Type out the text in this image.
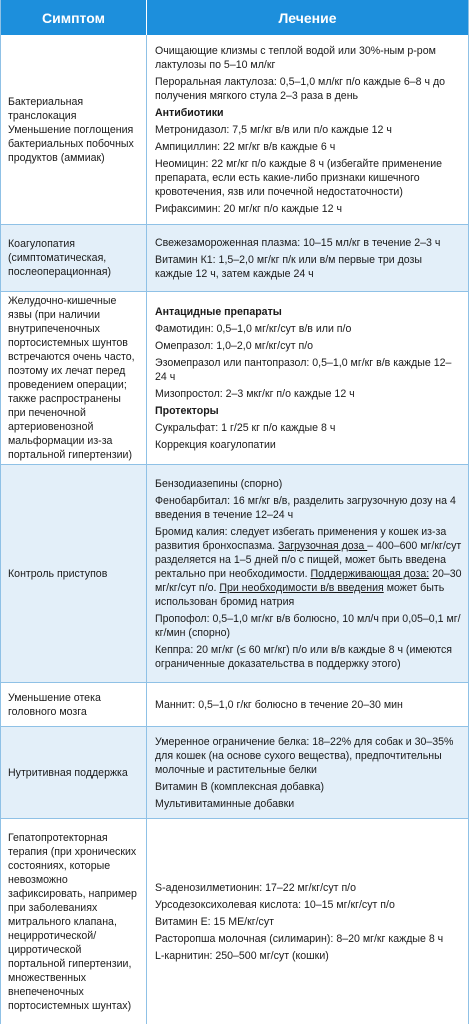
Симптом	Лечение
Бактериальная транслокация
Уменьшение поглощения бактериальных побочных продуктов (аммиак)
Очищающие клизмы с теплой водой или 30%-ным р-ром лактулозы по 5–10 мл/кг
Пероральная лактулоза: 0,5–1,0 мл/кг п/о каждые 6–8 ч до получения мягкого стула 2–3 раза в день
Антибиотики
Метронидазол: 7,5 мг/кг в/в или п/о каждые 12 ч
Ампициллин: 22 мг/кг в/в каждые 6 ч
Неомицин: 22 мг/кг п/о каждые 8 ч (избегайте применение препарата, если есть какие-либо признаки кишечного кровотечения, язв или почечной недостаточности)
Рифаксимин: 20 мг/кг п/о каждые 12 ч
Коагулопатия (симптоматическая, послеоперационная)
Свежезамороженная плазма: 10–15 мл/кг в течение 2–3 ч
Витамин К1: 1,5–2,0 мг/кг п/к или в/м первые три дозы каждые 12 ч, затем каждые 24 ч
Желудочно-кишечные язвы (при наличии внутрипеченочных портосистемных шунтов встречаются очень часто, поэтому их лечат перед проведением операции; также распространены при печеночной артериовенозной мальформации из-за портальной гипертензии)
Антацидные препараты
Фамотидин: 0,5–1,0 мг/кг/сут в/в или п/о
Омепразол: 1,0–2,0 мг/кг/сут п/о
Эзомепразол или пантопразол: 0,5–1,0 мг/кг в/в каждые 12–24 ч
Мизопростол: 2–3 мкг/кг п/о каждые 12 ч
Протекторы
Сукральфат: 1 г/25 кг п/о каждые 8 ч
Коррекция коагулопатии
Контроль приступов
Бензодиазепины (спорно)
Фенобарбитал: 16 мг/кг в/в, разделить загрузочную дозу на 4 введения в течение 12–24 ч
Бромид калия: следует избегать применения у кошек из-за развития бронхоспазма. Загрузочная доза – 400–600 мг/кг/сут разделяется на 1–5 дней п/о с пищей, может быть введена ректально при необходимости. Поддерживающая доза: 20–30 мг/кг/сут п/о. При необходимости в/в введения может быть использован бромид натрия
Пропофол: 0,5–1,0 мг/кг в/в болюсно, 10 мл/ч при 0,05–0,1 мг/кг/мин (спорно)
Кеппра: 20 мг/кг (≤ 60 мг/кг) п/о или в/в каждые 8 ч (имеются ограниченные доказательства в поддержку этого)
Уменьшение отека головного мозга
Маннит: 0,5–1,0 г/кг болюсно в течение 20–30 мин
Нутритивная поддержка
Умеренное ограничение белка: 18–22% для собак и 30–35% для кошек (на основе сухого вещества), предпочтительны молочные и растительные белки
Витамин В (комплексная добавка)
Мультивитаминные добавки
Гепатопротекторная терапия (при хронических состояниях, которые невозможно зафиксировать, например при заболеваниях митрального клапана, нецирротической/ цирротической портальной гипертензии, множественных внепеченочных портосистемных шунтах)
S-аденозилметионин: 17–22 мг/кг/сут п/о
Урсодезоксихолевая кислота: 10–15 мг/кг/сут п/о
Витамин Е: 15 МЕ/кг/сут
Расторопша молочная (силимарин): 8–20 мг/кг каждые 8 ч
L-карнитин: 250–500 мг/сут (кошки)
